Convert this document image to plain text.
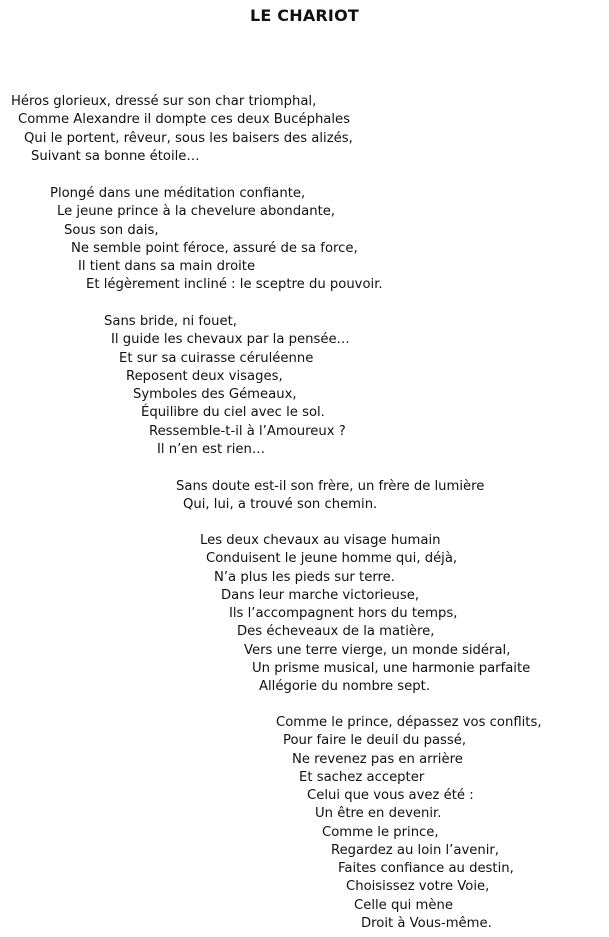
LE CHARIOT
Héros glorieux, dressé sur son char triomphal,
Comme Alexandre il dompte ces deux Bucéphales
Qui le portent, rêveur, sous les baisers des alizés,
Suivant sa bonne étoile…
Plongé dans une méditation confiante,
Le jeune prince à la chevelure abondante,
Sous son dais,
Ne semble point féroce, assuré de sa force,
Il tient dans sa main droite
Et légèrement incliné : le sceptre du pouvoir.
Sans bride, ni fouet,
Il guide les chevaux par la pensée…
Et sur sa cuirasse céruléenne
Reposent deux visages,
Symboles des Gémeaux,
Équilibre du ciel avec le sol.
Ressemble-t-il à l’Amoureux ?
Il n’en est rien…
Sans doute est-il son frère, un frère de lumière
Qui, lui, a trouvé son chemin.
Les deux chevaux au visage humain
Conduisent le jeune homme qui, déjà,
N’a plus les pieds sur terre.
Dans leur marche victorieuse,
Ils l’accompagnent hors du temps,
Des écheveaux de la matière,
Vers une terre vierge, un monde sidéral,
Un prisme musical, une harmonie parfaite
Allégorie du nombre sept.
Comme le prince, dépassez vos conflits,
Pour faire le deuil du passé,
Ne revenez pas en arrière
Et sachez accepter
Celui que vous avez été :
Un être en devenir.
Comme le prince,
Regardez au loin l’avenir,
Faites confiance au destin,
Choisissez votre Voie,
Celle qui mène
Droit à Vous-même.
